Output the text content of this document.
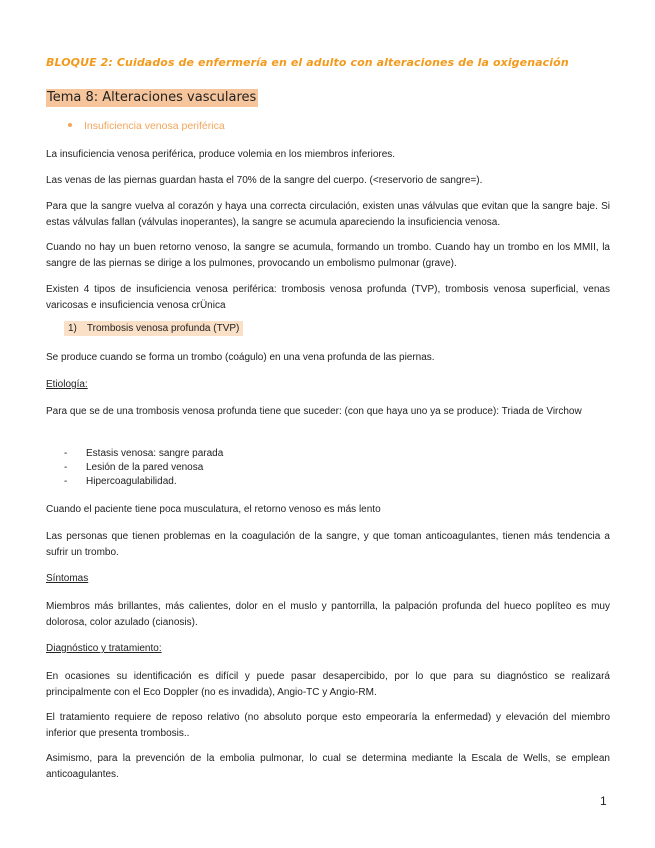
BLOQUE 2: Cuidados de enfermería en el adulto con alteraciones de la oxigenación
Tema 8: Alteraciones vasculares
Insuficiencia venosa periférica
La insuficiencia venosa periférica, produce volemia en los miembros inferiores.
Las venas de las piernas guardan hasta el 70% de la sangre del cuerpo. (<reservorio de sangre=).
Para que la sangre vuelva al corazón y haya una correcta circulación, existen unas válvulas que evitan que la sangre baje. Si estas válvulas fallan (válvulas inoperantes), la sangre se acumula apareciendo la insuficiencia venosa.
Cuando no hay un buen retorno venoso, la sangre se acumula, formando un trombo. Cuando hay un trombo en los MMII, la sangre de las piernas se dirige a los pulmones, provocando un embolismo pulmonar (grave).
Existen 4 tipos de insuficiencia venosa periférica: trombosis venosa profunda (TVP), trombosis venosa superficial, venas varicosas e insuficiencia venosa crÜnica
1) Trombosis venosa profunda (TVP)
Se produce cuando se forma un trombo (coágulo) en una vena profunda de las piernas.
Etiología:
Para que se de una trombosis venosa profunda tiene que suceder: (con que haya uno ya se produce): Triada de Virchow
- Estasis venosa: sangre parada
- Lesión de la pared venosa
- Hipercoagulabilidad.
Cuando el paciente tiene poca musculatura, el retorno venoso es más lento
Las personas que tienen problemas en la coagulación de la sangre, y que toman anticoagulantes, tienen más tendencia a sufrir un trombo.
Síntomas
Miembros más brillantes, más calientes, dolor en el muslo y pantorrilla, la palpación profunda del hueco poplíteo es muy dolorosa, color azulado (cianosis).
Diagnóstico y tratamiento:
En ocasiones su identificación es difícil y puede pasar desapercibido, por lo que para su diagnóstico se realizará principalmente con el Eco Doppler (no es invadida), Angio-TC y Angio-RM.
El tratamiento requiere de reposo relativo (no absoluto porque esto empeoraría la enfermedad) y elevación del miembro inferior que presenta trombosis..
Asimismo, para la prevención de la embolia pulmonar, lo cual se determina mediante la Escala de Wells, se emplean anticoagulantes.
1
